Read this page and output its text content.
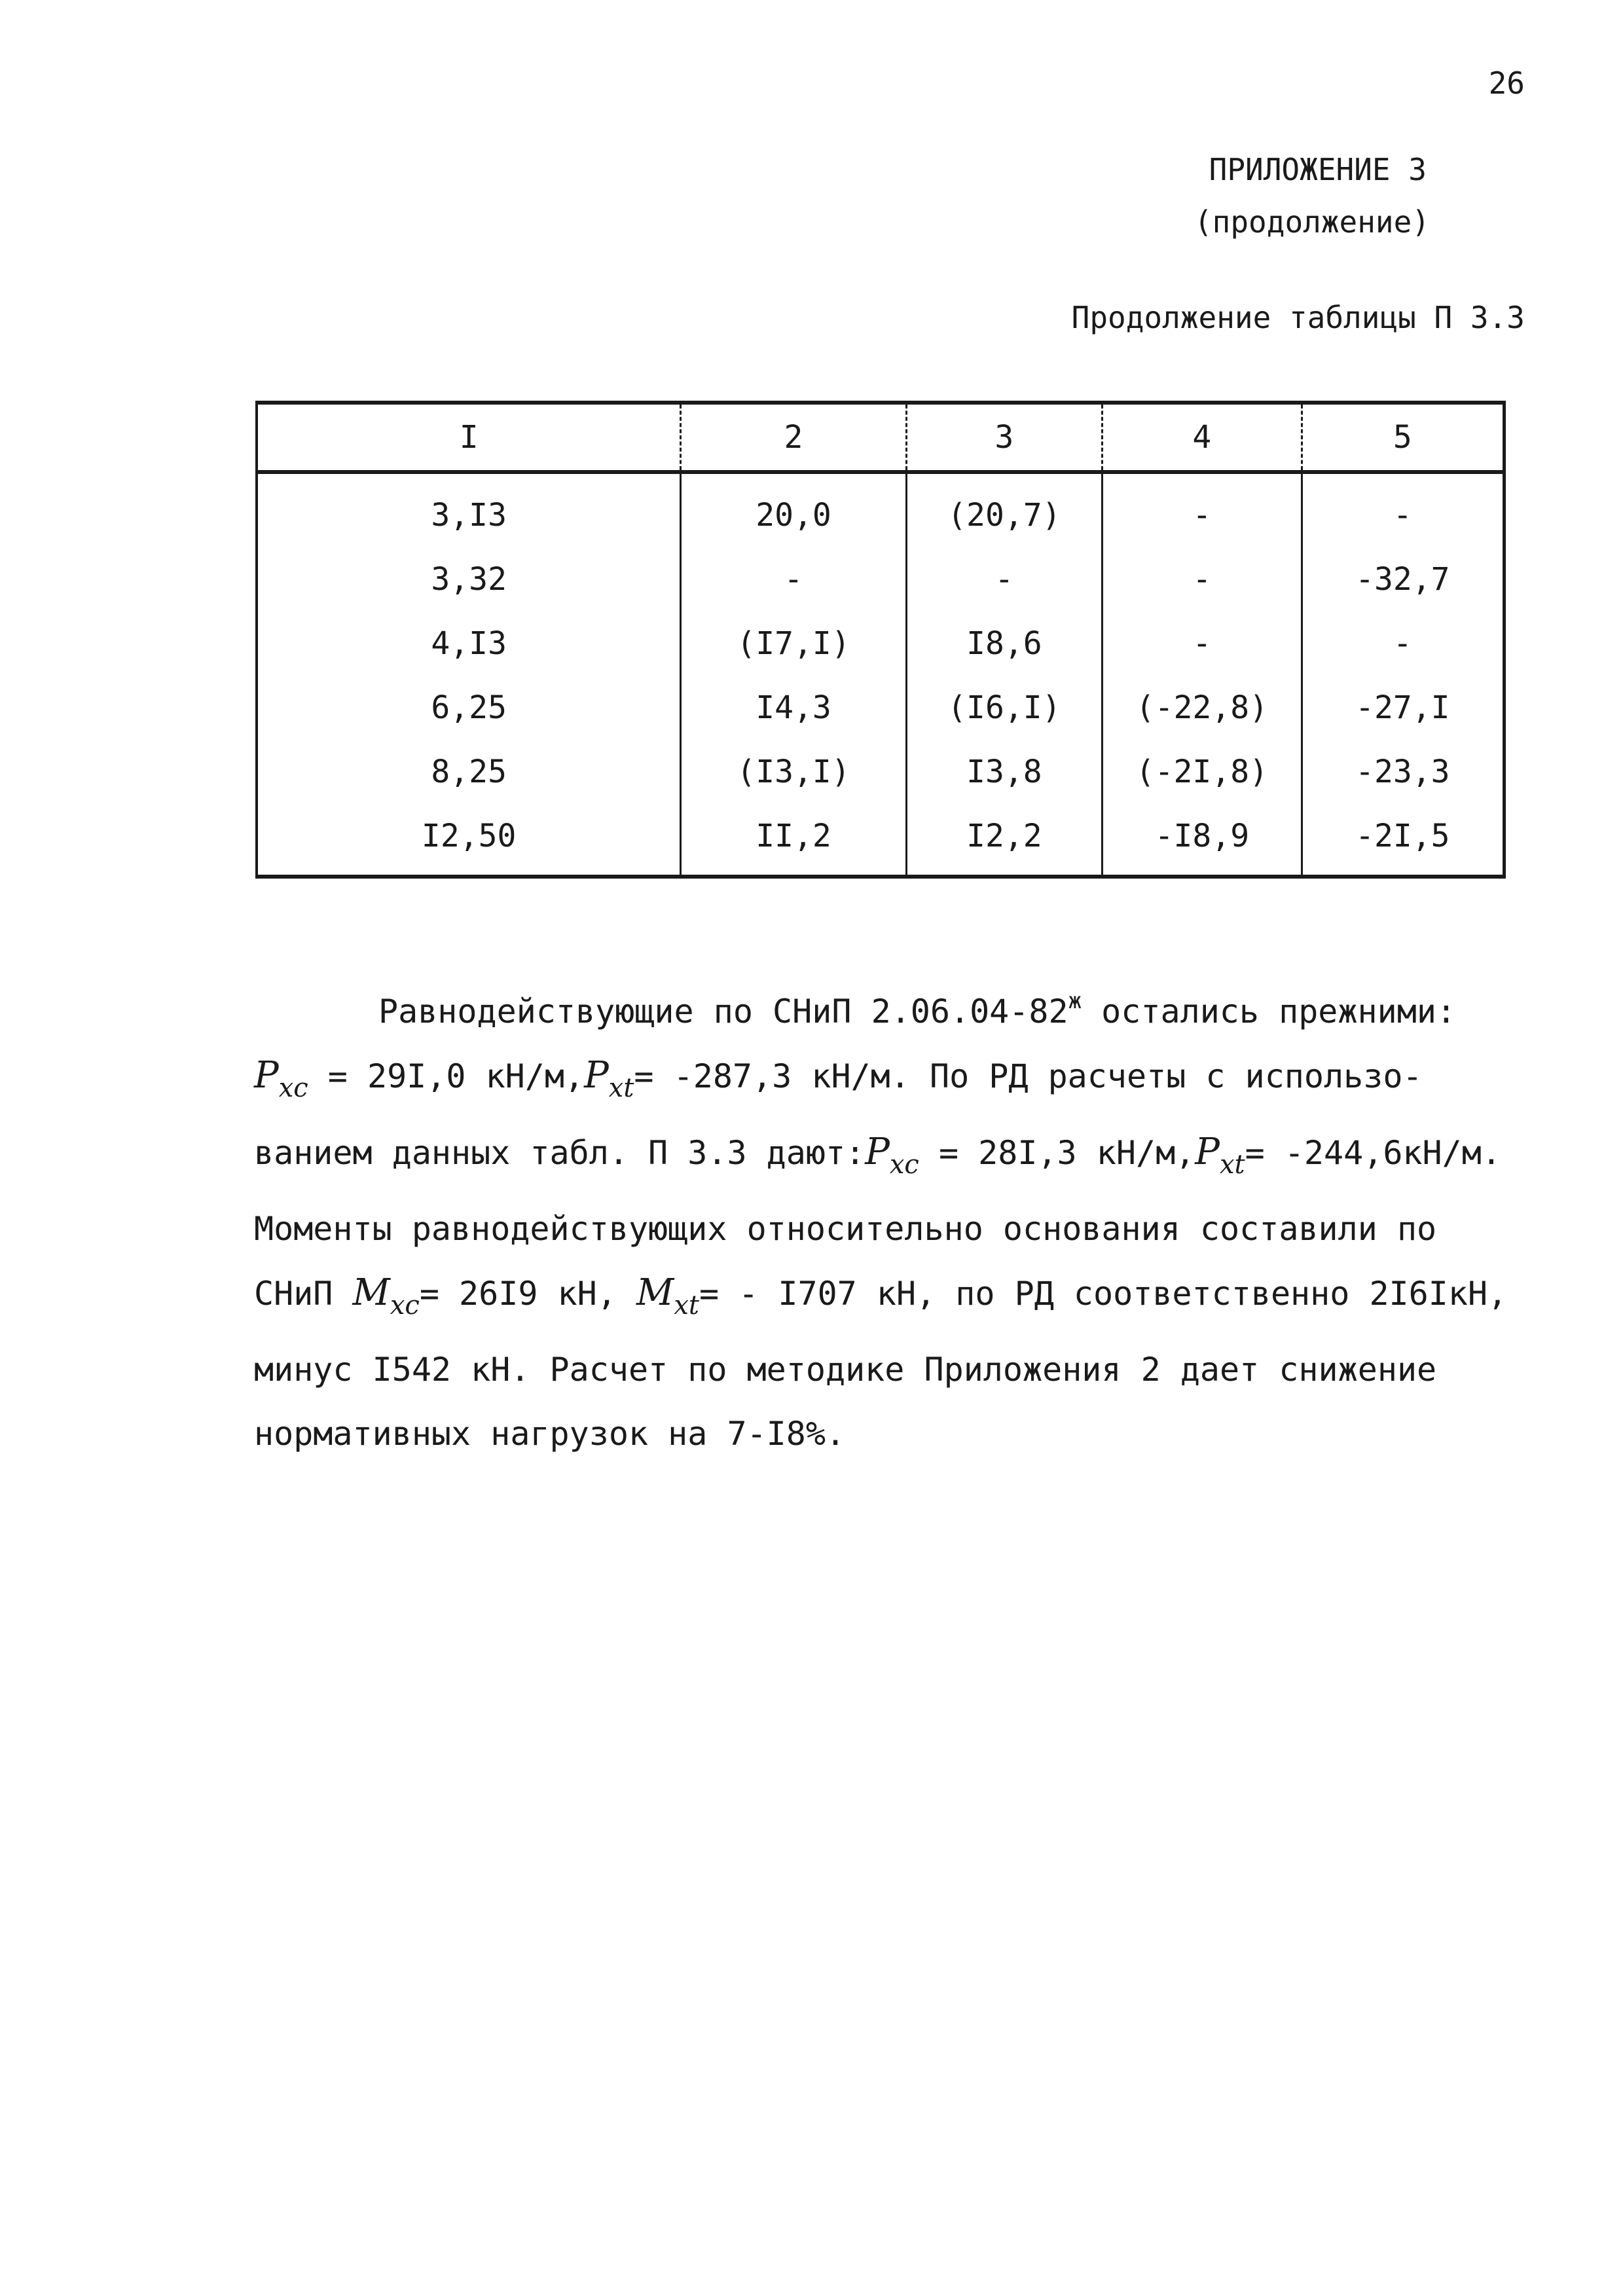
26
ПРИЛОЖЕНИЕ 3
(продолжение)
Продолжение таблицы П 3.3
I	2	3	4	5
3,I3	20,0	(20,7)	-	-
3,32	-	-	-	-32,7
4,I3	(I7,I)	I8,6	-	-
6,25	I4,3	(I6,I)	(-22,8)	-27,I
8,25	(I3,I)	I3,8	(-2I,8)	-23,3
I2,50	II,2	I2,2	-I8,9	-2I,5
Равнодействующие по СНиП $2.06.04-82^ж$ остались прежними:
$P_{xc} = 29I,0$ $кН/м,P_{xt}= -287,3$ кН/м. По РД расчеты с использо-
ванием данных табл. П 3.3 $дают:P_{xc} = 28I,3$ $кН/м,P_{xt}= -244,6кН/м$.
Моменты равнодействующих относительно основания составили по
СНиП $M_{xc}= 26I9$ кН, $M_{xt}= - I707$ кН, по РД соответственно 2I6IкН,
минус I542 кН. Расчет по методике Приложения 2 дает снижение
нормативных нагрузок на 7-I8%.
